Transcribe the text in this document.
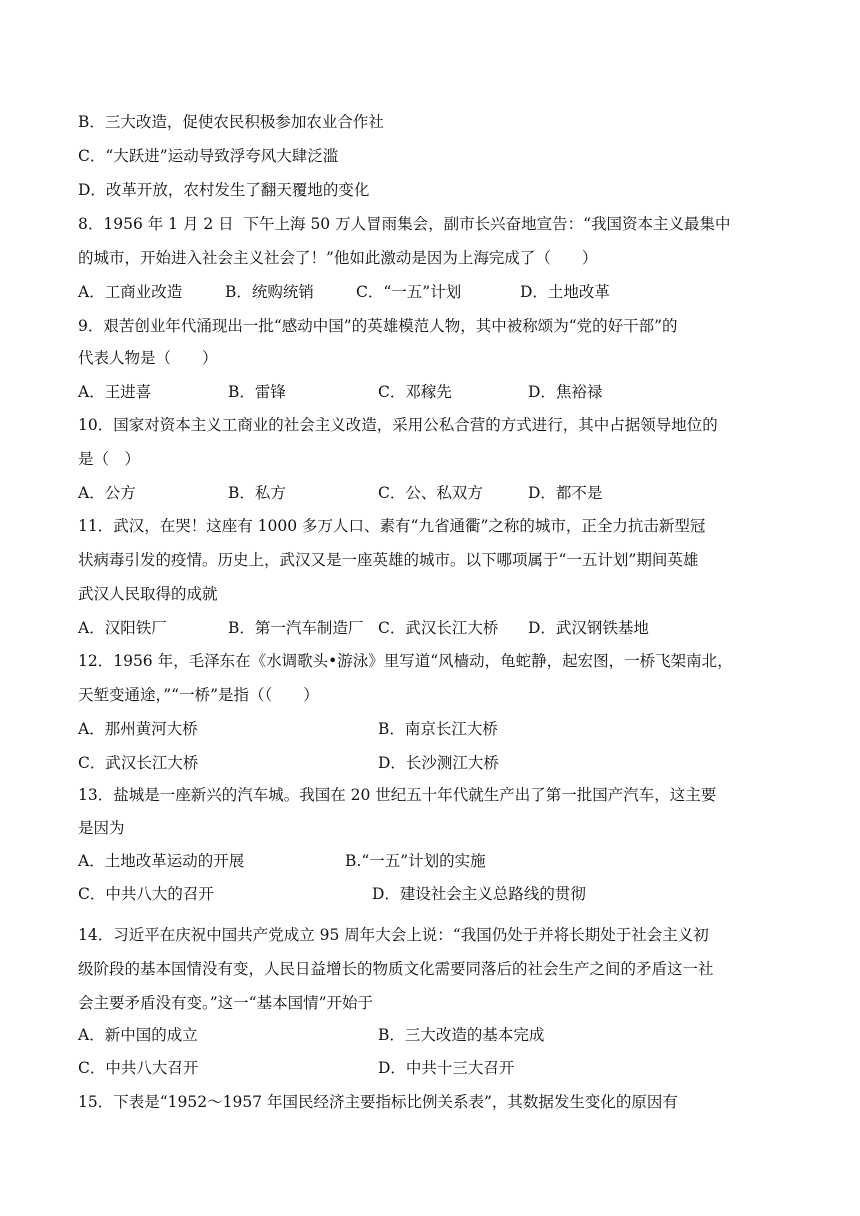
B．三大改造，促使农民积极参加农业合作社
C．“大跃进”运动导致浮夸风大肆泛滥
D．改革开放，农村发生了翻天覆地的变化
8．1956 年 1 月 2 日  下午上海 50 万人冒雨集会，副市长兴奋地宣告：“我国资本主义最集中
的城市，开始进入社会主义社会了！”他如此激动是因为上海完成了（　　）
A．工商业改造	B．统购统销	C．“一五”计划	D．土地改革
9．艰苦创业年代涌现出一批“感动中国”的英雄模范人物，其中被称颂为“党的好干部”的
代表人物是（　　）
A．王进喜	B．雷锋	C．邓稼先	D．焦裕禄
10．国家对资本主义工商业的社会主义改造，采用公私合营的方式进行，其中占据领导地位的
是（　）
A．公方	B．私方	C．公、私双方	D．都不是
11．武汉，在哭！这座有 1000 多万人口、素有“九省通衢”之称的城市，正全力抗击新型冠
状病毒引发的疫情。历史上，武汉又是一座英雄的城市。以下哪项属于“一五计划”期间英雄
武汉人民取得的成就
A．汉阳铁厂	B．第一汽车制造厂 C．武汉长江大桥 D．武汉钢铁基地
12．1956 年，毛泽东在《水调歌头•游泳》里写道“风樯动，龟蛇静，起宏图，一桥飞架南北，
天堑变通途，”“一桥”是指（（　　）
A．那州黄河大桥	B．南京长江大桥
C．武汉长江大桥	D．长沙测江大桥
13．盐城是一座新兴的汽车城。我国在 20 世纪五十年代就生产出了第一批国产汽车，这主要
是因为
A．土地改革运动的开展	B.“一五”计划的实施
C．中共八大的召开	D．建设社会主义总路线的贯彻
14．习近平在庆祝中国共产党成立 95 周年大会上说：“我国仍处于并将长期处于社会主义初
级阶段的基本国情没有变，人民日益增长的物质文化需要同落后的社会生产之间的矛盾这一社
会主要矛盾没有变。”这一“基本国情”开始于
A．新中国的成立	B．三大改造的基本完成
C．中共八大召开	D．中共十三大召开
15．下表是“1952～1957 年国民经济主要指标比例关系表”，其数据发生变化的原因有
